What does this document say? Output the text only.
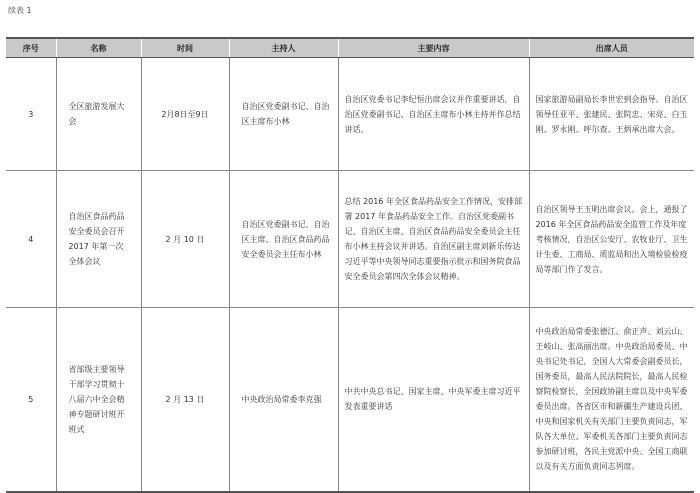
续表 1
序号	名称	时间	主持人	主要内容	出席人员
3	全区旅游发展大会	2月8日至9日	自治区党委副书记、自治区主席布小林	自治区党委书记李纪恒出席会议并作重要讲话，自治区党委副书记、自治区主席布小林主持并作总结讲话。	国家旅游局副局长李世宏到会指导。自治区领导任亚平、张建民、张院忠、宋亮、白玉刚、罗永刚、呼尔查、王炳承出席大会。
4	自治区食品药品安全委员会召开 2017 年第一次全体会议	2 月 10 日	自治区党委副书记、自治区主席、自治区食品药品安全委员会主任布小林	总结 2016 年全区食品药品安全工作情况，安排部署 2017 年食品药品安全工作。自治区党委副书记、自治区主席、自治区食品药品安全委员会主任布小林主持会议并讲话。自治区副主席刘新乐传达习近平等中央领导同志重要指示批示和国务院食品安全委员会第四次全体会议精神。	自治区领导王玉明出席会议。会上，通报了 2016 年全区食品药品安全监管工作及年度考核情况，自治区公安厅、农牧业厅、卫生计生委、工商局、质监局和出入境检验检疫局等部门作了发言。
5	省部级主要领导干部学习贯彻十八届六中全会精神专题研讨班开班式	2 月 13 日	中央政治局常委李克强	中共中央总书记、国家主席、中央军委主席习近平发表重要讲话	中央政治局常委张德江、俞正声、刘云山、王岐山、张高丽出席。中央政治局委员、中央书记处书记，全国人大常委会副委员长，国务委员，最高人民法院院长，最高人民检察院检察长，全国政协副主席以及中央军委委员出席。各省区市和新疆生产建设兵团、中央和国家机关有关部门主要负责同志，军队各大单位、军委机关各部门主要负责同志参加研讨班，各民主党派中央、全国工商联以及有关方面负责同志列席。
